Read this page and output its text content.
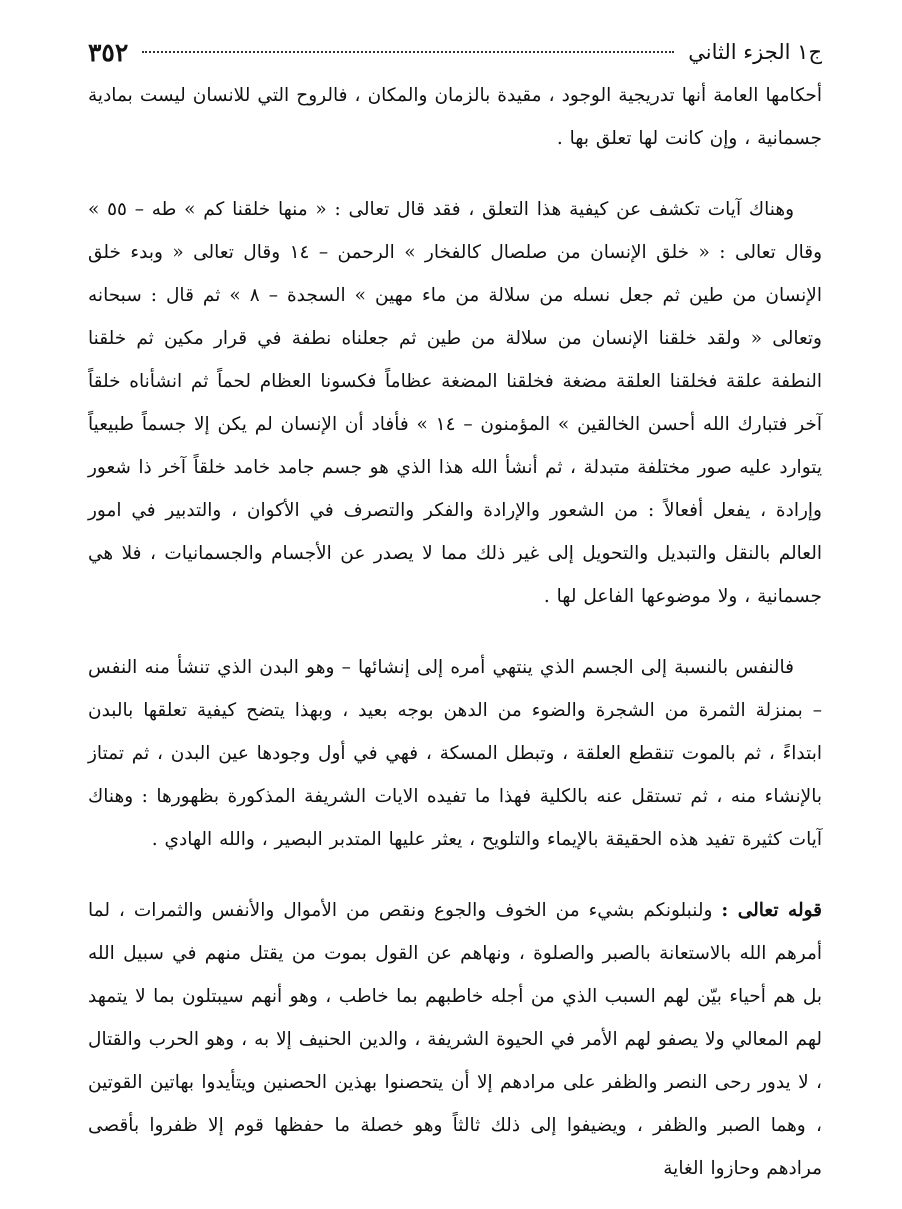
ج١ الجزء الثاني
٣٥٢

أحكامها العامة أنها تدريجية الوجود ، مقيدة بالزمان والمكان ، فالروح التي للانسان ليست بمادية جسمانية ، وإن كانت لها تعلق بها .

وهناك آيات تكشف عن كيفية هذا التعلق ، فقد قال تعالى : « منها خلقنا كم » طه – ٥٥ » وقال تعالى : « خلق الإنسان من صلصال كالفخار » الرحمن – ١٤ وقال تعالى « وبدء خلق الإنسان من طين ثم جعل نسله من سلالة من ماء مهين » السجدة – ٨ » ثم قال : سبحانه وتعالى « ولقد خلقنا الإنسان من سلالة من طين ثم جعلناه نطفة في قرار مكين ثم خلقنا النطفة علقة فخلقنا العلقة مضغة فخلقنا المضغة عظاماً فكسونا العظام لحماً ثم انشأناه خلقاً آخر فتبارك الله أحسن الخالقين » المؤمنون – ١٤ » فأفاد أن الإنسان لم يكن إلا جسماً طبيعياً يتوارد عليه صور مختلفة متبدلة ، ثم أنشأ الله هذا الذي هو جسم جامد خامد خلقاً آخر ذا شعور وإرادة ، يفعل أفعالاً : من الشعور والإرادة والفكر والتصرف في الأكوان ، والتدبير في امور العالم بالنقل والتبديل والتحويل إلى غير ذلك مما لا يصدر عن الأجسام والجسمانيات ، فلا هي جسمانية ، ولا موضوعها الفاعل لها .

فالنفس بالنسبة إلى الجسم الذي ينتهي أمره إلى إنشائها – وهو البدن الذي تنشأ منه النفس – بمنزلة الثمرة من الشجرة والضوء من الدهن بوجه بعيد ، وبهذا يتضح كيفية تعلقها بالبدن ابتداءً ، ثم بالموت تنقطع العلقة ، وتبطل المسكة ، فهي في أول وجودها عين البدن ، ثم تمتاز بالإنشاء منه ، ثم تستقل عنه بالكلية فهذا ما تفيده الايات الشريفة المذكورة بظهورها : وهناك آيات كثيرة تفيد هذه الحقيقة بالإيماء والتلويح ، يعثر عليها المتدبر البصير ، والله الهادي .

قوله تعالى : ولنبلونكم بشيء من الخوف والجوع ونقص من الأموال والأنفس والثمرات ، لما أمرهم الله بالاستعانة بالصبر والصلوة ، ونهاهم عن القول بموت من يقتل منهم في سبيل الله بل هم أحياء بيّن لهم السبب الذي من أجله خاطبهم بما خاطب ، وهو أنهم سيبتلون بما لا يتمهد لهم المعالي ولا يصفو لهم الأمر في الحيوة الشريفة ، والدين الحنيف إلا به ، وهو الحرب والقتال ، لا يدور رحى النصر والظفر على مرادهم إلا أن يتحصنوا بهذين الحصنين ويتأيدوا بهاتين القوتين ، وهما الصبر والظفر ، ويضيفوا إلى ذلك ثالثاً وهو خصلة ما حفظها قوم إلا ظفروا بأقصى مرادهم وحازوا الغاية
